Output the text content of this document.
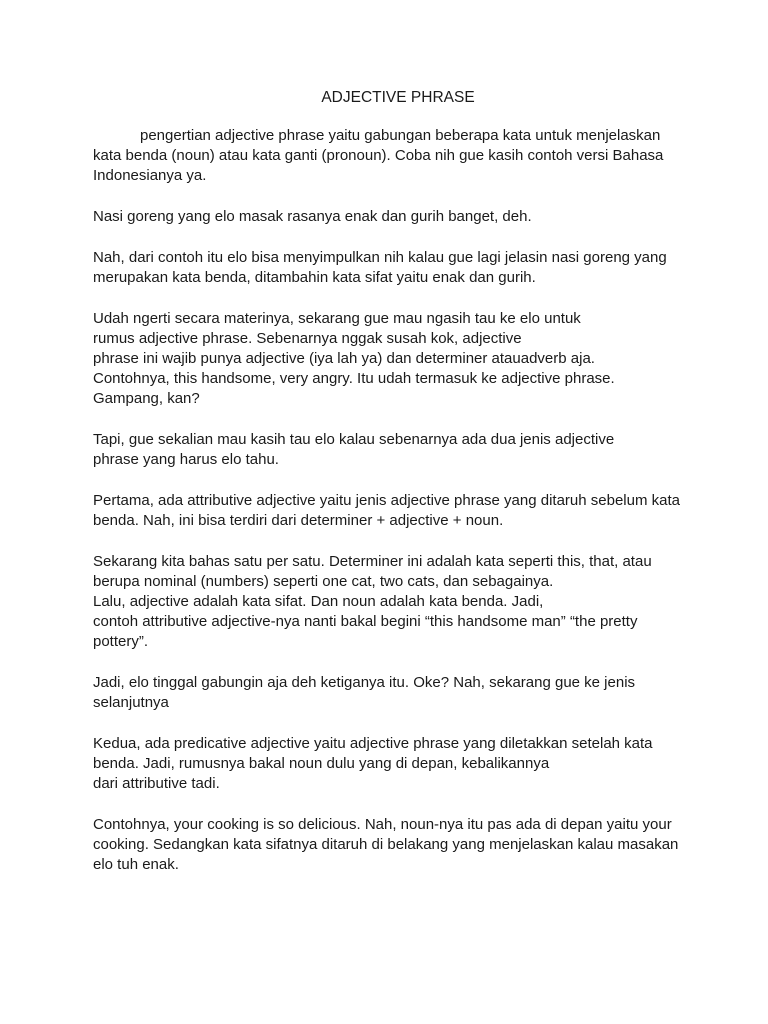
ADJECTIVE PHRASE

pengertian adjective phrase yaitu gabungan beberapa kata untuk menjelaskan
kata benda (noun) atau kata ganti (pronoun). Coba nih gue kasih contoh versi Bahasa
Indonesianya ya.

Nasi goreng yang elo masak rasanya enak dan gurih banget, deh.

Nah, dari contoh itu elo bisa menyimpulkan nih kalau gue lagi jelasin nasi goreng yang
merupakan kata benda, ditambahin kata sifat yaitu enak dan gurih.

Udah ngerti secara materinya, sekarang gue mau ngasih tau ke elo untuk
rumus adjective phrase. Sebenarnya nggak susah kok, adjective
phrase ini wajib punya adjective (iya lah ya) dan determiner atauadverb aja.
Contohnya, this handsome, very angry. Itu udah termasuk ke adjective phrase.
Gampang, kan?

Tapi, gue sekalian mau kasih tau elo kalau sebenarnya ada dua jenis adjective
phrase yang harus elo tahu.

Pertama, ada attributive adjective yaitu jenis adjective phrase yang ditaruh sebelum kata
benda. Nah, ini bisa terdiri dari determiner + adjective + noun.

Sekarang kita bahas satu per satu. Determiner ini adalah kata seperti this, that, atau
berupa nominal (numbers) seperti one cat, two cats, dan sebagainya.
Lalu, adjective adalah kata sifat. Dan noun adalah kata benda. Jadi,
contoh attributive adjective-nya nanti bakal begini “this handsome man” “the pretty
pottery”.

Jadi, elo tinggal gabungin aja deh ketiganya itu. Oke? Nah, sekarang gue ke jenis
selanjutnya

Kedua, ada predicative adjective yaitu adjective phrase yang diletakkan setelah kata
benda. Jadi, rumusnya bakal noun dulu yang di depan, kebalikannya
dari attributive tadi.

Contohnya, your cooking is so delicious. Nah, noun-nya itu pas ada di depan yaitu your
cooking. Sedangkan kata sifatnya ditaruh di belakang yang menjelaskan kalau masakan
elo tuh enak.
